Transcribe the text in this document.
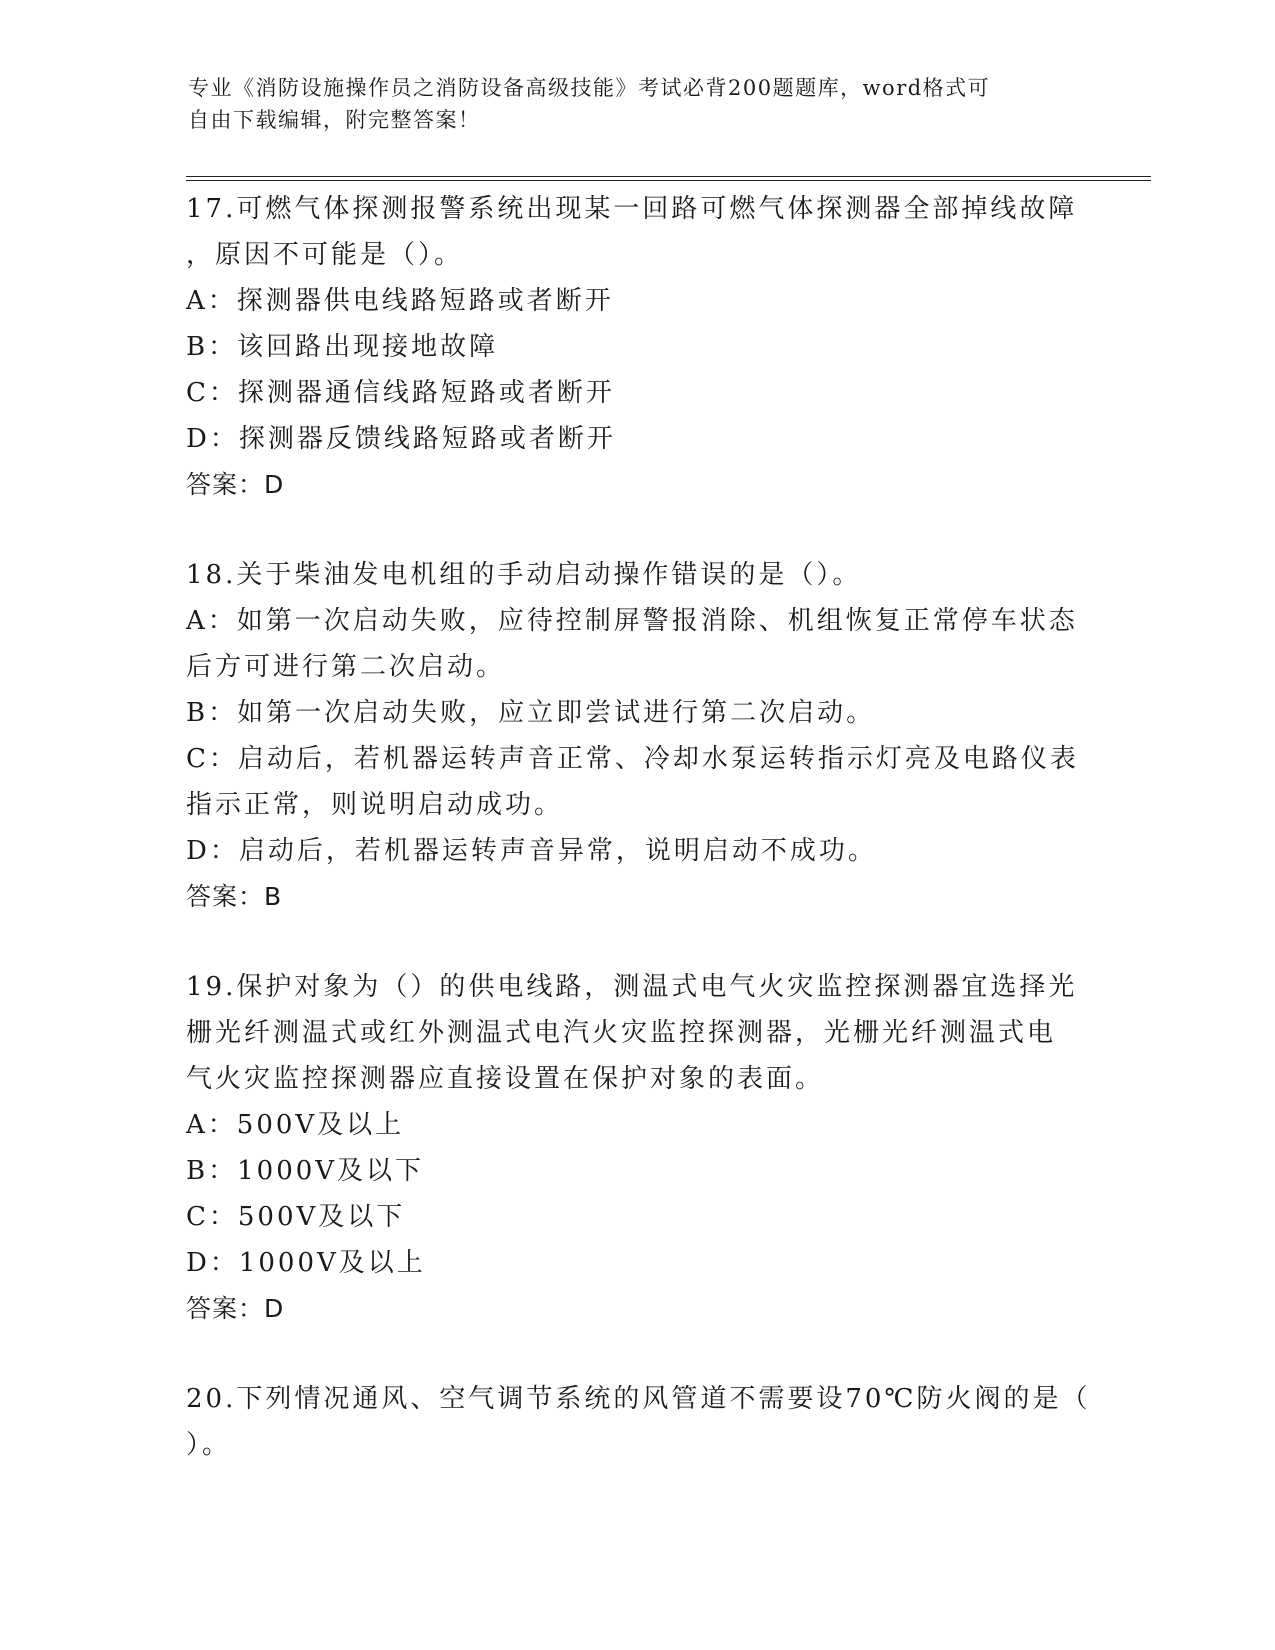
专业《消防设施操作员之消防设备高级技能》考试必背200题题库，word格式可
自由下载编辑，附完整答案！
17.可燃气体探测报警系统出现某一回路可燃气体探测器全部掉线故障
，原因不可能是（）。
A：探测器供电线路短路或者断开
B：该回路出现接地故障
C：探测器通信线路短路或者断开
D：探测器反馈线路短路或者断开
答案：D
18.关于柴油发电机组的手动启动操作错误的是（）。
A：如第一次启动失败，应待控制屏警报消除、机组恢复正常停车状态
后方可进行第二次启动。
B：如第一次启动失败，应立即尝试进行第二次启动。
C：启动后，若机器运转声音正常、冷却水泵运转指示灯亮及电路仪表
指示正常，则说明启动成功。
D：启动后，若机器运转声音异常，说明启动不成功。
答案：B
19.保护对象为（）的供电线路，测温式电气火灾监控探测器宜选择光
栅光纤测温式或红外测温式电汽火灾监控探测器，光栅光纤测温式电
气火灾监控探测器应直接设置在保护对象的表面。
A：500V及以上
B：1000V及以下
C：500V及以下
D：1000V及以上
答案：D
20.下列情况通风、空气调节系统的风管道不需要设70℃防火阀的是（
）。
